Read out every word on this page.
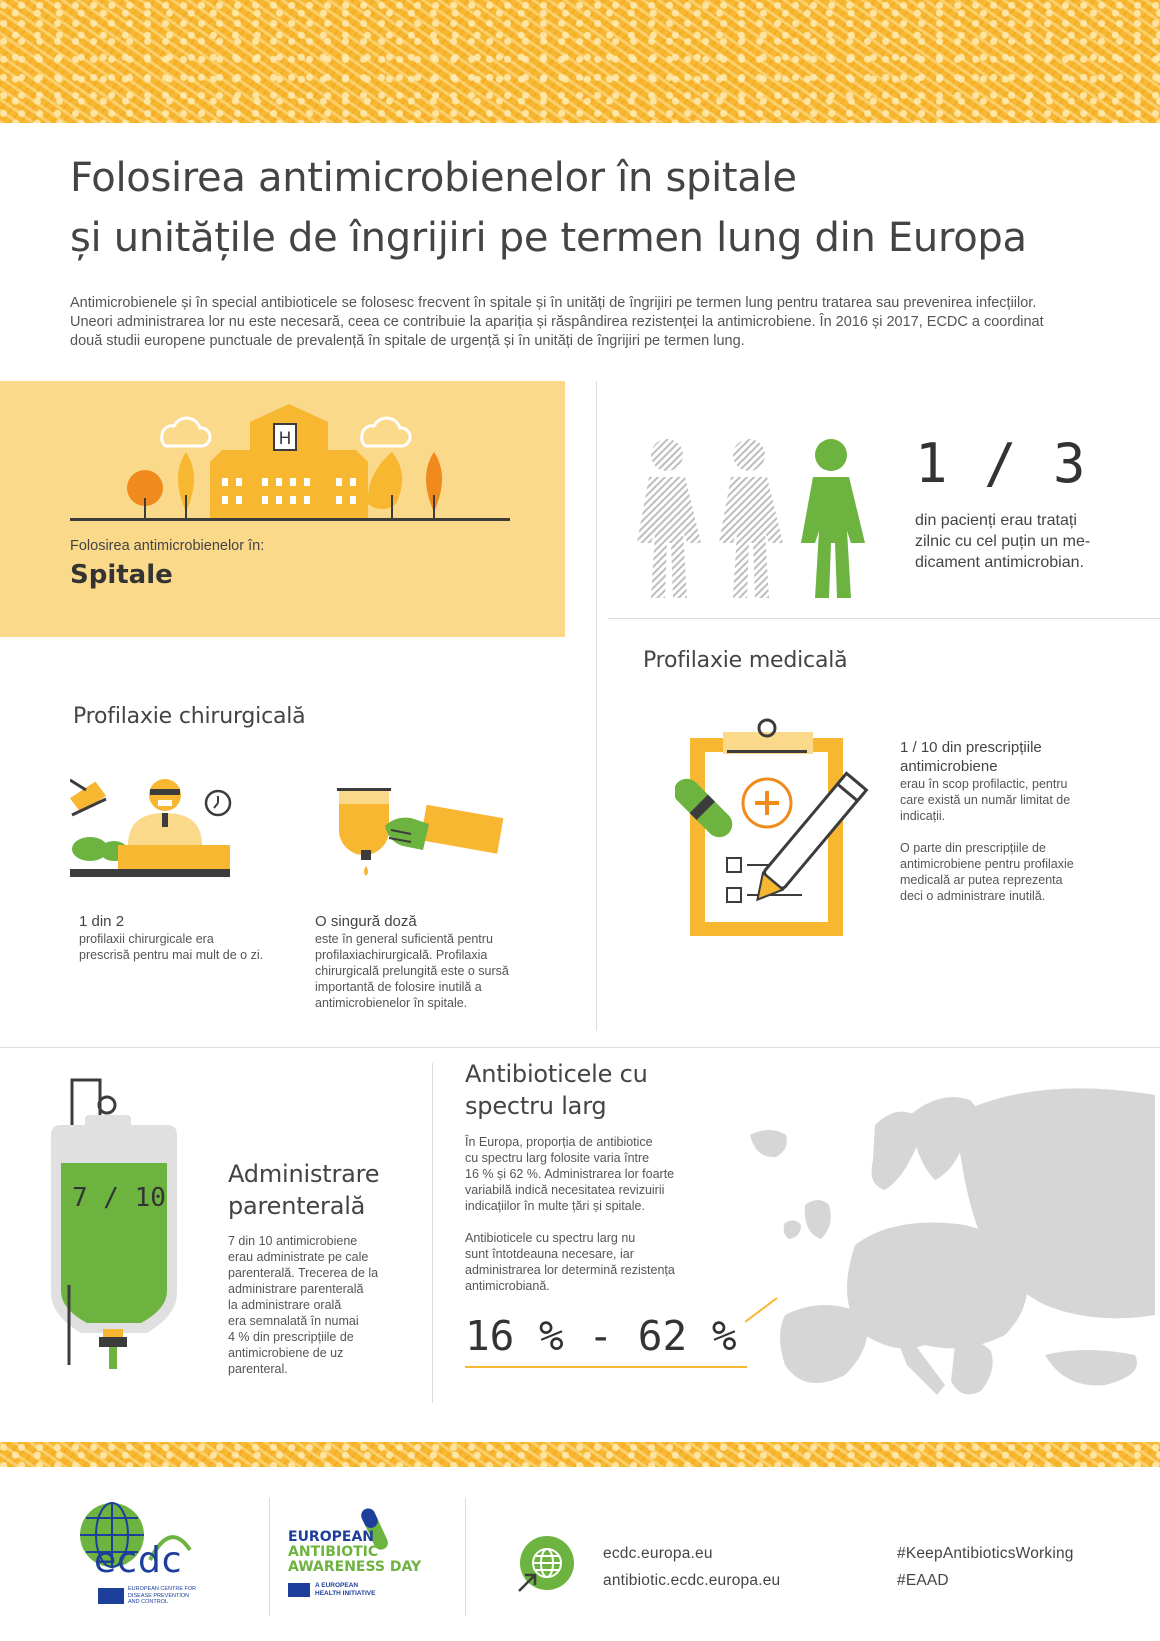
Folosirea antimicrobienelor în spitale
și unitățile de îngrijiri pe termen lung din Europa
Antimicrobienele și în special antibioticele se folosesc frecvent în spitale și în unități de îngrijiri pe termen lung pentru tratarea sau prevenirea infecțiilor. Uneori administrarea lor nu este necesară, ceea ce contribuie la apariția și răspândirea rezistenței la antimicrobiene. În 2016 și 2017, ECDC a coordinat două studii europene punctuale de prevalență în spitale de urgență și în unități de îngrijiri pe termen lung.
H
Folosirea antimicrobienelor în:
Spitale
1 / 3
din pacienți erau tratați
zilnic cu cel puțin un me-
dicament antimicrobian.
Profilaxie medicală
1 / 10 din prescripțiile
antimicrobiene
erau în scop profilactic, pentru
care există un număr limitat de
indicații.
O parte din prescripțiile de
antimicrobiene pentru profilaxie
medicală ar putea reprezenta
deci o administrare inutilă.
Profilaxie chirurgicală
1 din 2
profilaxii chirurgicale era
prescrisă pentru mai mult de o zi.
O singură doză
este în general suficientă pentru
profilaxiachirurgicală. Profilaxia
chirurgicală prelungită este o sursă
importantă de folosire inutilă a
antimicrobienelor în spitale.
7 / 10
Administrare
parenterală
7 din 10 antimicrobiene
erau administrate pe cale
parenterală. Trecerea de la
administrare parenterală
la administrare orală
era semnalată în numai
4 % din prescripțiile de
antimicrobiene de uz
parenteral.
Antibioticele cu
spectru larg
În Europa, proporția de antibiotice
cu spectru larg folosite varia între
16 % și 62 %. Administrarea lor foarte
variabilă indică necesitatea revizuirii
indicațiilor în multe țări și spitale.
Antibioticele cu spectru larg nu
sunt întotdeauna necesare, iar
administrarea lor determină rezistența
antimicrobiană.
16 % - 62 %
ecdc
EUROPEAN CENTRE FOR
DISEASE PREVENTION
AND CONTROL
EUROPEAN
ANTIBIOTIC
AWARENESS DAY
A EUROPEAN
HEALTH INITIATIVE
ecdc.europa.eu
antibiotic.ecdc.europa.eu
#KeepAntibioticsWorking
#EAAD
